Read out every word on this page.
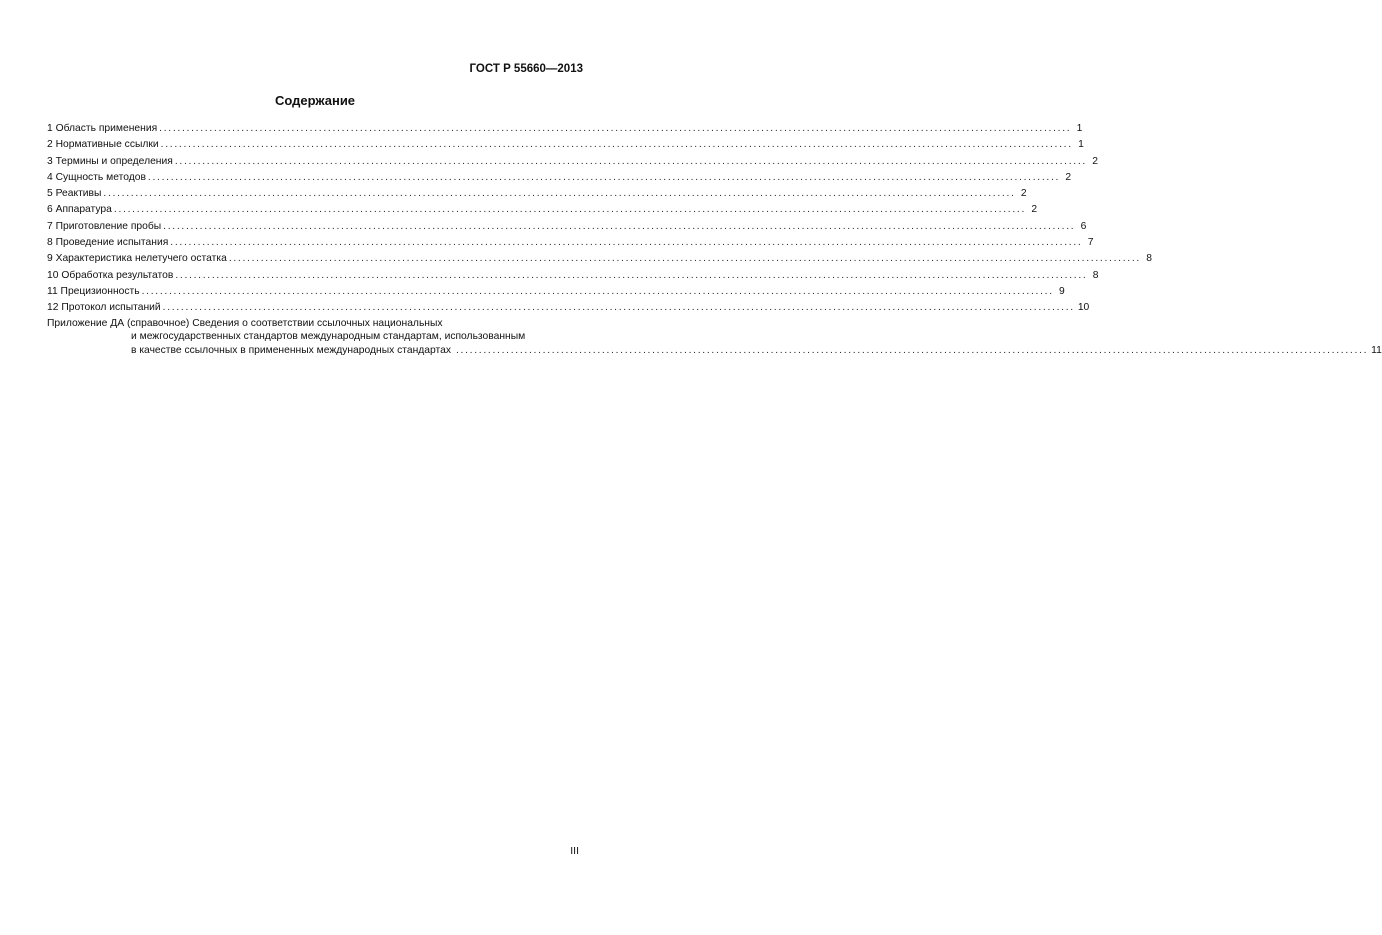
ГОСТ Р 55660—2013
Содержание
1 Область применения ........................................................................................................................................................................................................ 1
2 Нормативные ссылки ........................................................................................................................................................................................................ 1
3 Термины и определения ........................................................................................................................................................................................................ 2
4 Сущность методов ........................................................................................................................................................................................................ 2
5 Реактивы ........................................................................................................................................................................................................ 2
6 Аппаратура ........................................................................................................................................................................................................ 2
7 Приготовление пробы ........................................................................................................................................................................................................ 6
8 Проведение испытания ........................................................................................................................................................................................................ 7
9 Характеристика нелетучего остатка ........................................................................................................................................................................................................ 8
10 Обработка результатов ........................................................................................................................................................................................................ 8
11 Прецизионность ........................................................................................................................................................................................................ 9
12 Протокол испытаний ........................................................................................................................................................................................................ 10
Приложение ДА (справочное) Сведения о соответствии ссылочных национальных
и межгосударственных стандартов международным стандартам, использованным
в качестве ссылочных в примененных международных стандартах ........................................................................................................................................................................................................ 11
III
